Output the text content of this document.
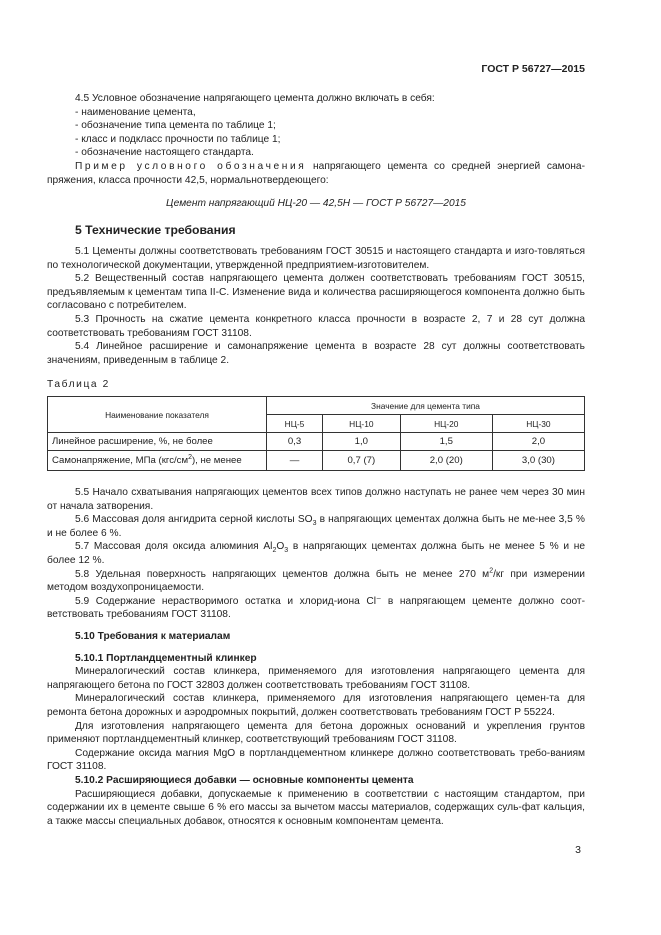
ГОСТ Р 56727—2015

4.5 Условное обозначение напрягающего цемента должно включать в себя:

- наименование цемента,

- обозначение типа цемента по таблице 1;

- класс и подкласс прочности по таблице 1;

- обозначение настоящего стандарта.

Пример условного обозначения напрягающего цемента со средней энергией самона-пряжения, класса прочности 42,5, нормальнотвердеющего:

Цемент напрягающий НЦ-20 — 42,5Н — ГОСТ Р 56727—2015

5 Технические требования

5.1 Цементы должны соответствовать требованиям ГОСТ 30515 и настоящего стандарта и изго-товляться по технологической документации, утвержденной предприятием-изготовителем.

5.2 Вещественный состав напрягающего цемента должен соответствовать требованиям ГОСТ 30515, предъявляемым к цементам типа II-C. Изменение вида и количества расширяющегося компонента должно быть согласовано с потребителем.

5.3 Прочность на сжатие цемента конкретного класса прочности в возрасте 2, 7 и 28 сут должна соответствовать требованиям ГОСТ 31108.

5.4 Линейное расширение и самонапряжение цемента в возрасте 28 сут должны соответствовать значениям, приведенным в таблице 2.

Таблица 2

Наименование показателя	Значение для цемента типа			
	НЦ-5	НЦ-10	НЦ-20	НЦ-30
Линейное расширение, %, не более	0,3	1,0	1,5	2,0
Самонапряжение, МПа $(кгс/см^2)$, не менее	—	0,7 (7)	2,0 (20)	3,0 (30)

5.5 Начало схватывания напрягающих цементов всех типов должно наступать не ранее чем через 30 мин от начала затворения.

5.6 Массовая доля ангидрита серной кислоты $SO_3$ в напрягающих цементах должна быть не ме-нее 3,5 % и не более 6 %.

5.7 Массовая доля оксида алюминия $Al_2O_3$ в напрягающих цементах должна быть не менее 5 % и не более 12 %.

5.8 Удельная поверхность напрягающих цементов должна быть не менее 270 $м^2/кг$ при измерении методом воздухопроницаемости.

5.9 Содержание нерастворимого остатка и хлорид-иона Cl⁻ в напрягающем цементе должно соот-ветствовать требованиям ГОСТ 31108.

5.10 Требования к материалам

5.10.1 Портландцементный клинкер

Минералогический состав клинкера, применяемого для изготовления напрягающего цемента для напрягающего бетона по ГОСТ 32803 должен соответствовать требованиям ГОСТ 31108.

Минералогический состав клинкера, применяемого для изготовления напрягающего цемен-та для ремонта бетона дорожных и аэродромных покрытий, должен соответствовать требованиям ГОСТ Р 55224.

Для изготовления напрягающего цемента для бетона дорожных оснований и укрепления грунтов применяют портландцементный клинкер, соответствующий требованиям ГОСТ 31108.

Содержание оксида магния MgO в портландцементном клинкере должно соответствовать требо-ваниям ГОСТ 31108.

5.10.2 Расширяющиеся добавки — основные компоненты цемента

Расширяющиеся добавки, допускаемые к применению в соответствии с настоящим стандартом, при содержании их в цементе свыше 6 % его массы за вычетом массы материалов, содержащих суль-фат кальция, а также массы специальных добавок, относятся к основным компонентам цемента.

3
